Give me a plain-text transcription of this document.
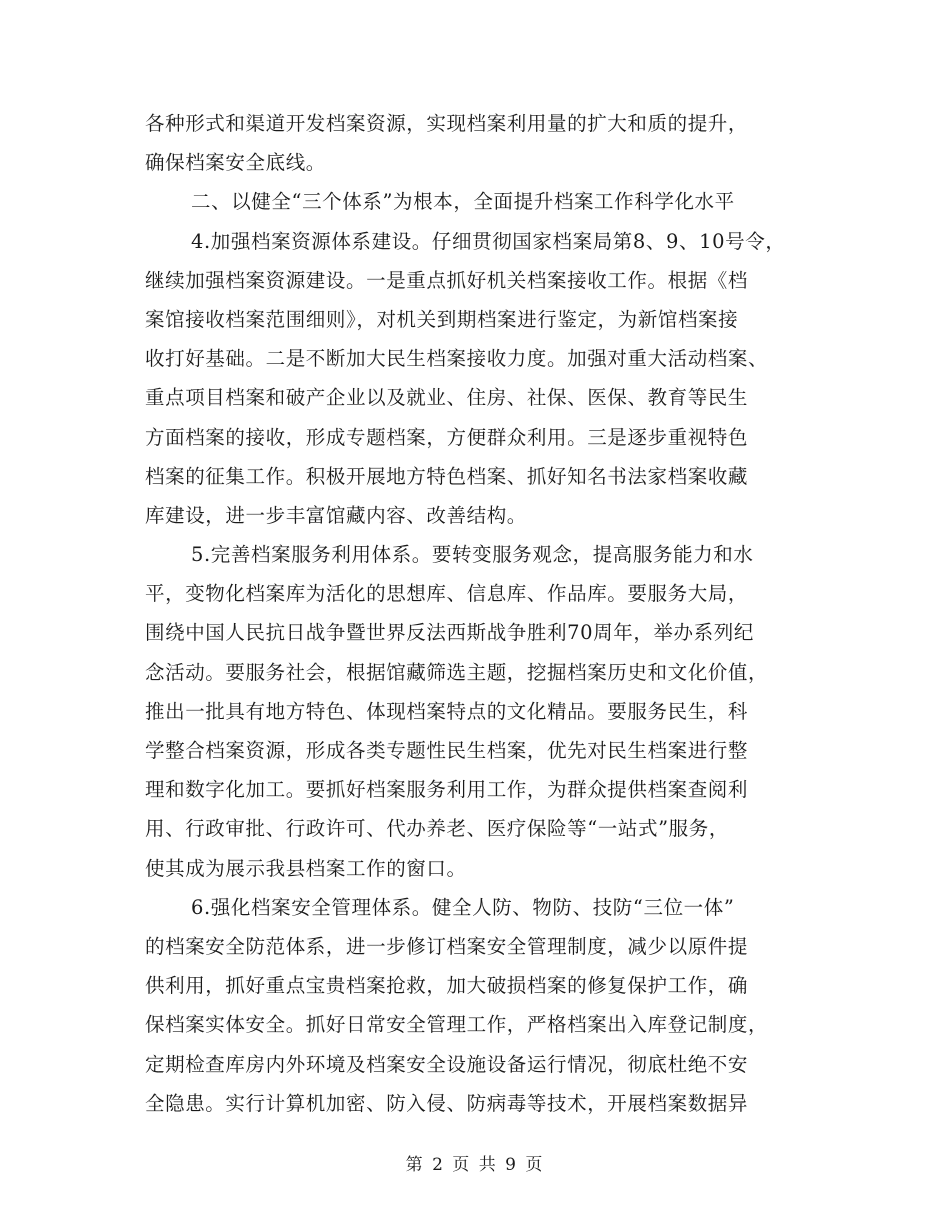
各种形式和渠道开发档案资源，实现档案利用量的扩大和质的提升，
确保档案安全底线。
二、以健全“三个体系”为根本，全面提升档案工作科学化水平
4.加强档案资源体系建设。仔细贯彻国家档案局第8、9、10号令，
继续加强档案资源建设。一是重点抓好机关档案接收工作。根据《档
案馆接收档案范围细则》，对机关到期档案进行鉴定，为新馆档案接
收打好基础。二是不断加大民生档案接收力度。加强对重大活动档案、
重点项目档案和破产企业以及就业、住房、社保、医保、教育等民生
方面档案的接收，形成专题档案，方便群众利用。三是逐步重视特色
档案的征集工作。积极开展地方特色档案、抓好知名书法家档案收藏
库建设，进一步丰富馆藏内容、改善结构。
5.完善档案服务利用体系。要转变服务观念，提高服务能力和水
平，变物化档案库为活化的思想库、信息库、作品库。要服务大局，
围绕中国人民抗日战争暨世界反法西斯战争胜利70周年，举办系列纪
念活动。要服务社会，根据馆藏筛选主题，挖掘档案历史和文化价值，
推出一批具有地方特色、体现档案特点的文化精品。要服务民生，科
学整合档案资源，形成各类专题性民生档案，优先对民生档案进行整
理和数字化加工。要抓好档案服务利用工作，为群众提供档案查阅利
用、行政审批、行政许可、代办养老、医疗保险等“一站式”服务，
使其成为展示我县档案工作的窗口。
6.强化档案安全管理体系。健全人防、物防、技防“三位一体”
的档案安全防范体系，进一步修订档案安全管理制度，减少以原件提
供利用，抓好重点宝贵档案抢救，加大破损档案的修复保护工作，确
保档案实体安全。抓好日常安全管理工作，严格档案出入库登记制度，
定期检查库房内外环境及档案安全设施设备运行情况，彻底杜绝不安
全隐患。实行计算机加密、防入侵、防病毒等技术，开展档案数据异
第 2 页 共 9 页
